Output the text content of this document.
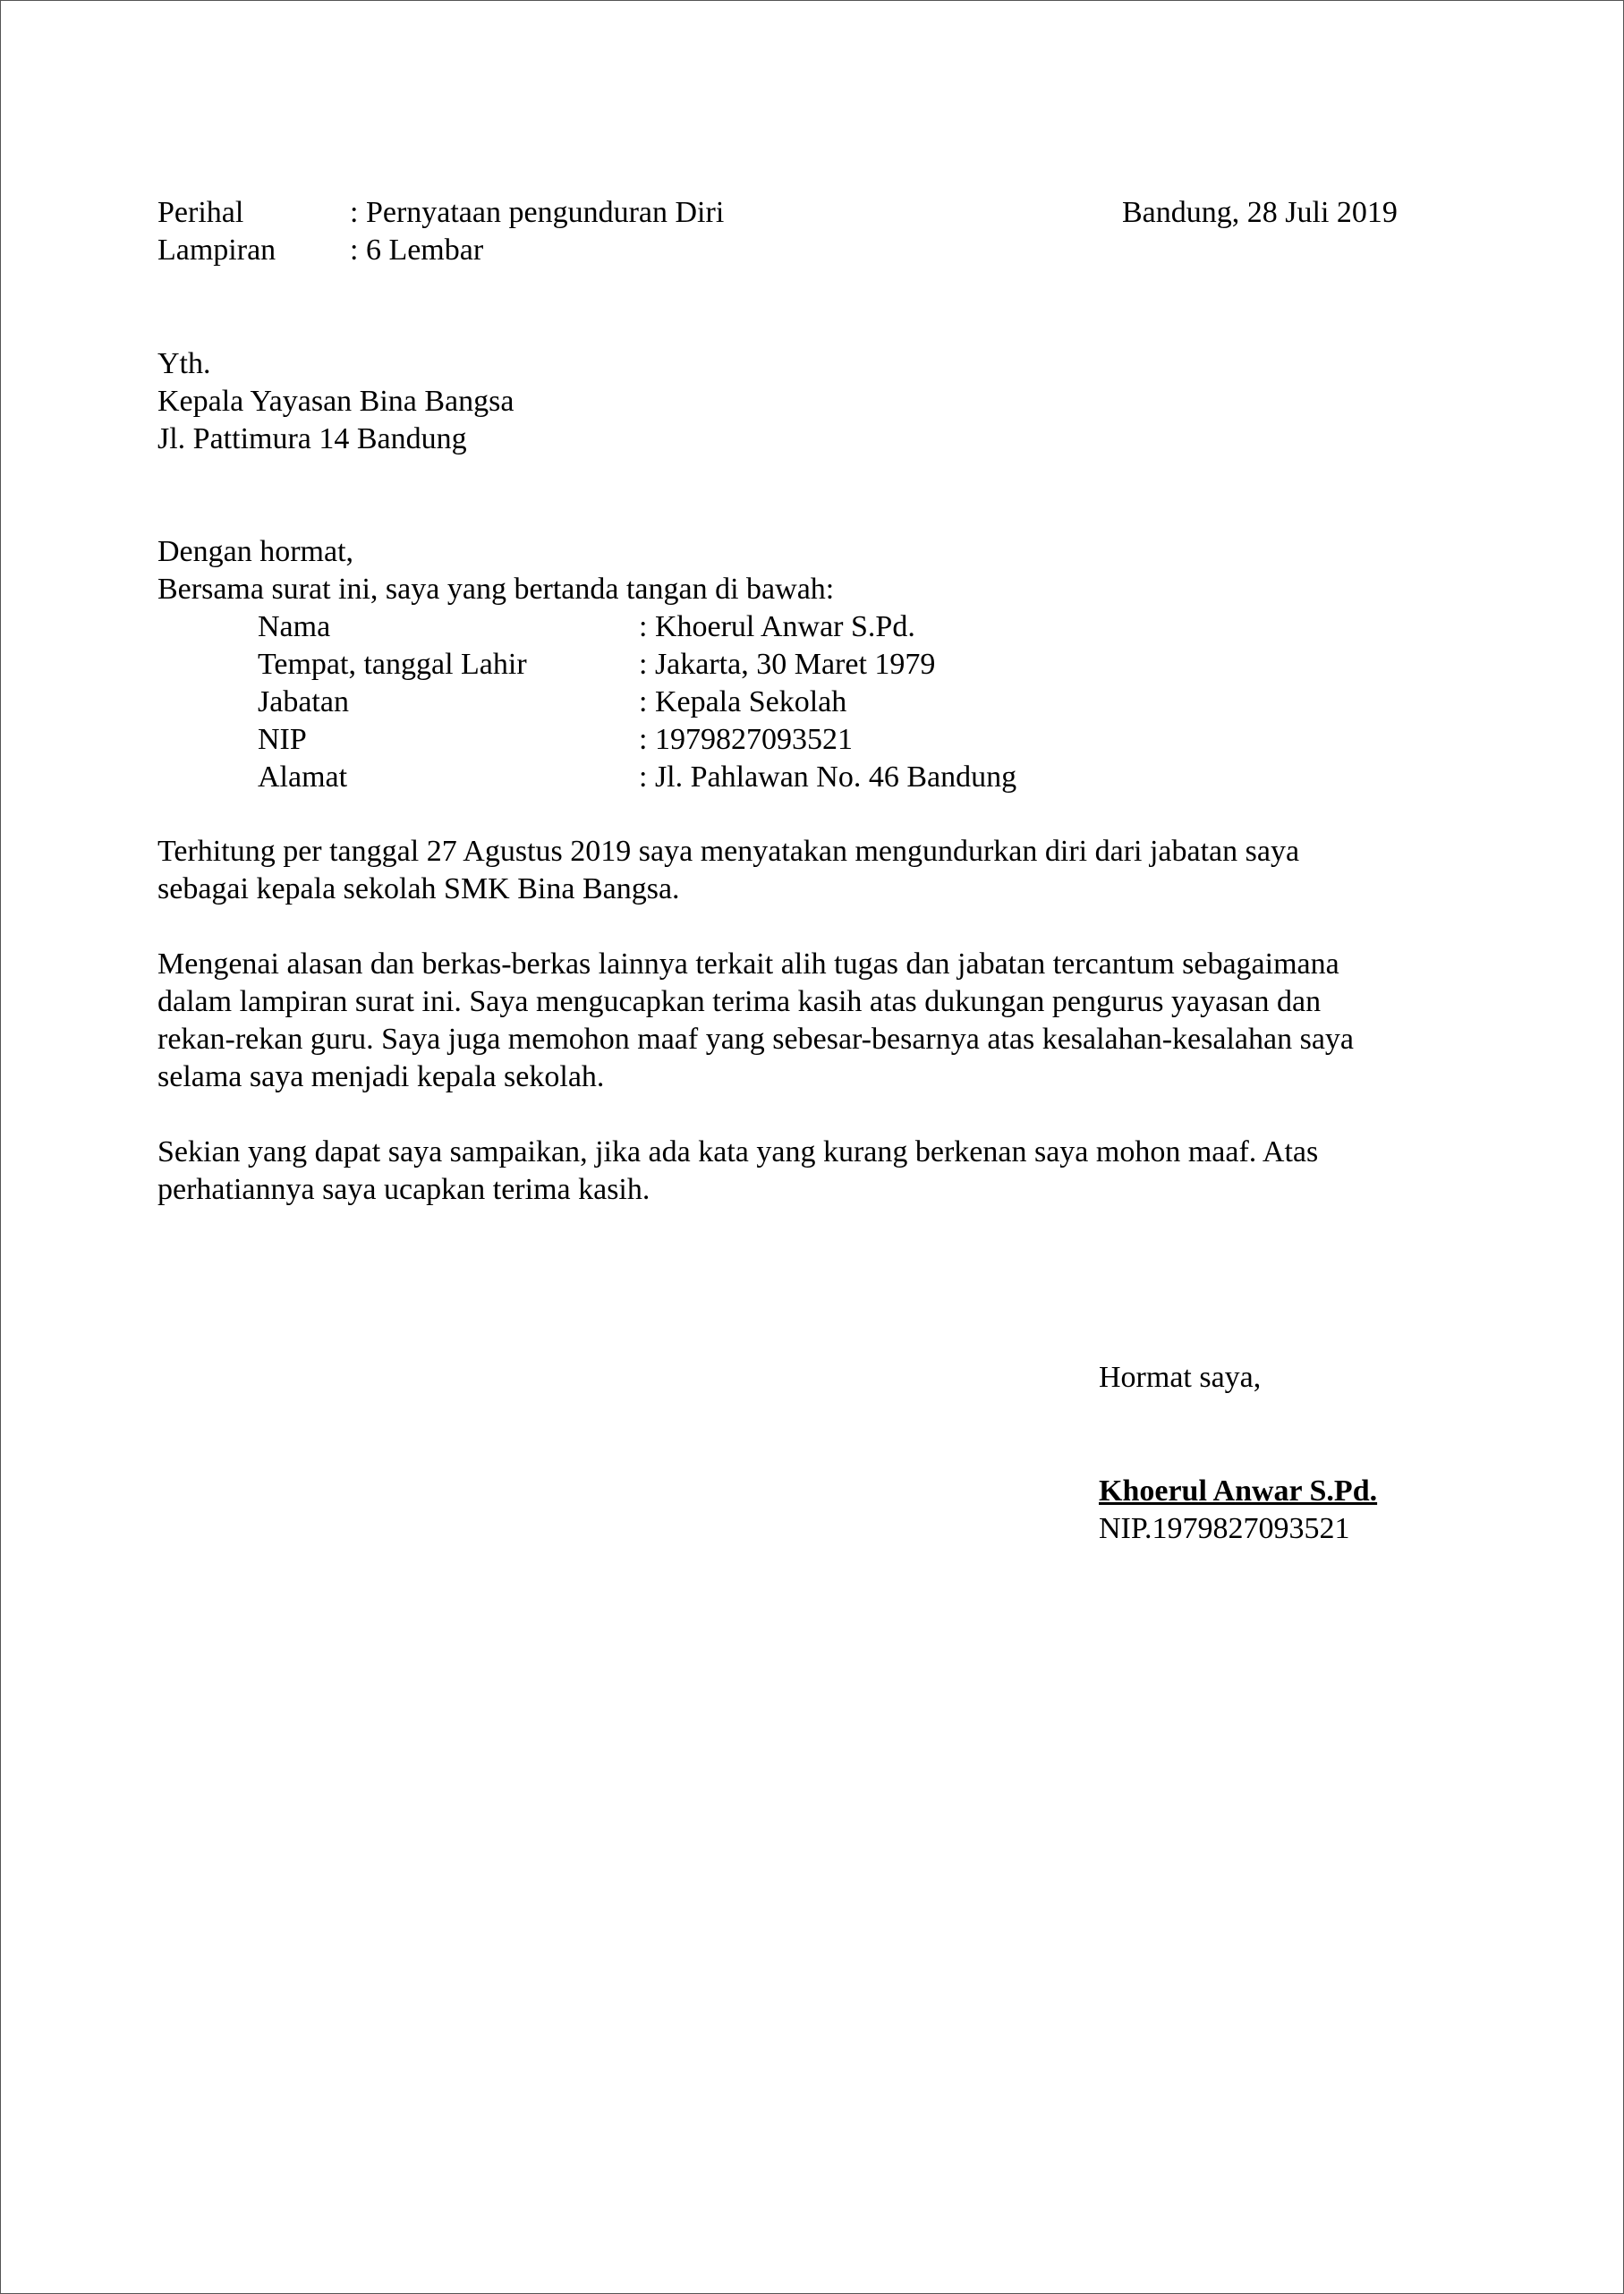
Perihal	: Pernyataan pengunduran Diri	Bandung, 28 Juli 2019
Lampiran : 6 Lembar
Yth.
Kepala Yayasan Bina Bangsa
Jl. Pattimura 14 Bandung
Dengan hormat,
Bersama surat ini, saya yang bertanda tangan di bawah:
Nama	: Khoerul Anwar S.Pd.
Tempat, tanggal Lahir	: Jakarta, 30 Maret 1979
Jabatan	: Kepala Sekolah
NIP	: 1979827093521
Alamat	: Jl. Pahlawan No. 46 Bandung
Terhitung per tanggal 27 Agustus 2019 saya menyatakan mengundurkan diri dari jabatan saya
sebagai kepala sekolah SMK Bina Bangsa.
Mengenai alasan dan berkas-berkas lainnya terkait alih tugas dan jabatan tercantum sebagaimana
dalam lampiran surat ini. Saya mengucapkan terima kasih atas dukungan pengurus yayasan dan
rekan-rekan guru. Saya juga memohon maaf yang sebesar-besarnya atas kesalahan-kesalahan saya
selama saya menjadi kepala sekolah.
Sekian yang dapat saya sampaikan, jika ada kata yang kurang berkenan saya mohon maaf. Atas
perhatiannya saya ucapkan terima kasih.
Hormat saya,
Khoerul Anwar S.Pd.
NIP.1979827093521
